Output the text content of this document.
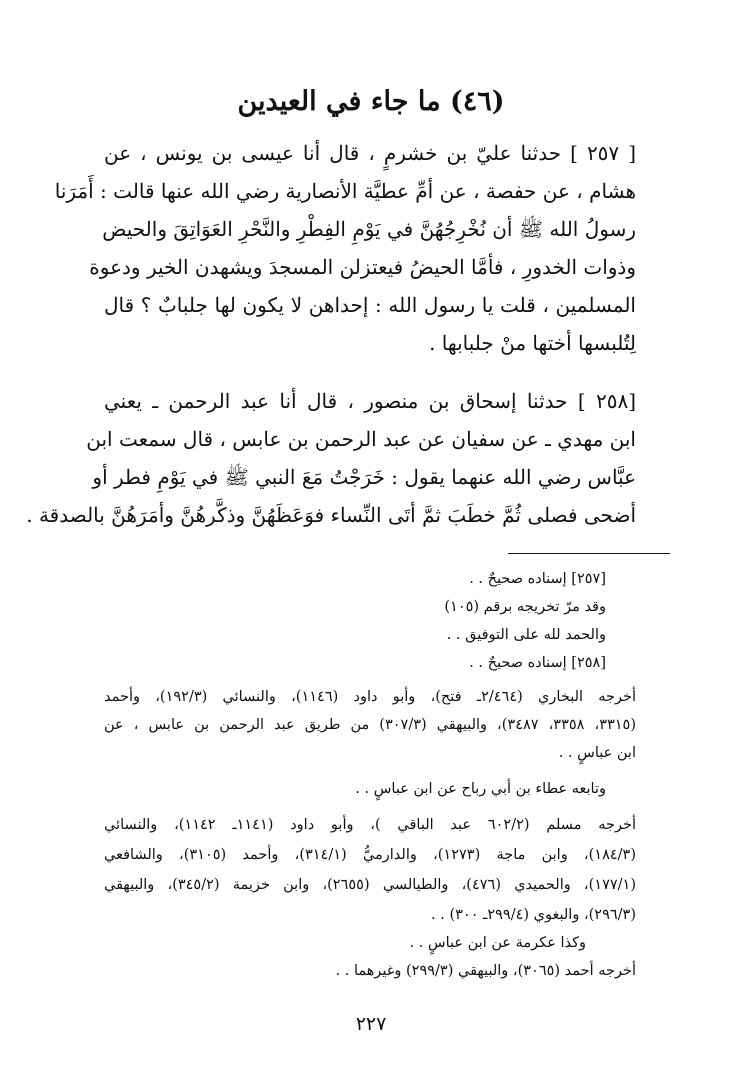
(٤٦) ما جاء في العيدين
[ ٢٥٧ ] حدثنا عليّ بن خشرمٍ ، قال أنا عيسى بن يونس ، عن
هشام ، عن حفصة ، عن أمِّ عطيَّة الأنصارية رضي الله عنها قالت : أَمَرَنا
رسولُ الله ﷺ أن نُخْرِجُهُنَّ في يَوْمِ الفِطْرِ والنَّحْرِ العَوَاتِقَ والحيض
وذوات الخدورِ ، فأمَّا الحيضُ فيعتزلن المسجدَ ويشهدن الخير ودعوة
المسلمين ، قلت يا رسول الله : إحداهن لا يكون لها جلبابٌ ؟ قال
لِتُلبسها أختها منْ جلبابها .
[٢٥٨ ] حدثنا إسحاق بن منصور ، قال أنا عبد الرحمن ـ يعني
ابن مهدي ـ عن سفيان عن عبد الرحمن بن عابس ، قال سمعت ابن
عبَّاس رضي الله عنهما يقول : خَرَجْتُ مَعَ النبي ﷺ في يَوْمِ فطر أو
أضحى فصلى ثُمَّ خطَبَ ثمَّ أتَى النِّساء فوَعَظَهُنَّ وذكَّرهُنَّ وأمَرَهُنَّ بالصدقة .
[٢٥٧] إسناده صحيحٌ . .
وقد مرّ تخريجه برقم (١٠٥)
والحمد لله على التوفيق . .
[٢٥٨] إسناده صحيحٌ . .
أخرجه البخاري (٢/٤٦٤ـ فتح)، وأبو داود (١١٤٦)، والنسائي (١٩٢/٣)، وأحمد
(٣٣١٥، ٣٣٥٨، ٣٤٨٧)، والبيهقي (٣٠٧/٣) من طريق عبد الرحمن بن عابس ، عن
ابن عباسٍ . .
وتابعه عطاء بن أبي رباح عن ابن عباسٍ . .
أخرجه مسلم (٦٠٢/٢ عبد الباقي )، وأبو داود (١١٤١ـ ١١٤٢)، والنسائي
(١٨٤/٣)، وابن ماجة (١٢٧٣)، والدارميُّ (٣١٤/١)، وأحمد (٣١٠٥)، والشافعي
(١٧٧/١)، والحميدي (٤٧٦)، والطيالسي (٢٦٥٥)، وابن خزيمة (٣٤٥/٢)، والبيهقي
(٢٩٦/٣)، والبغوي (٢٩٩/٤ـ ٣٠٠) . .
وكذا عكرمة عن ابن عباسٍ . .
أخرجه أحمد (٣٠٦٥)، والبيهقي (٢٩٩/٣) وغيرهما . .
٢٢٧
